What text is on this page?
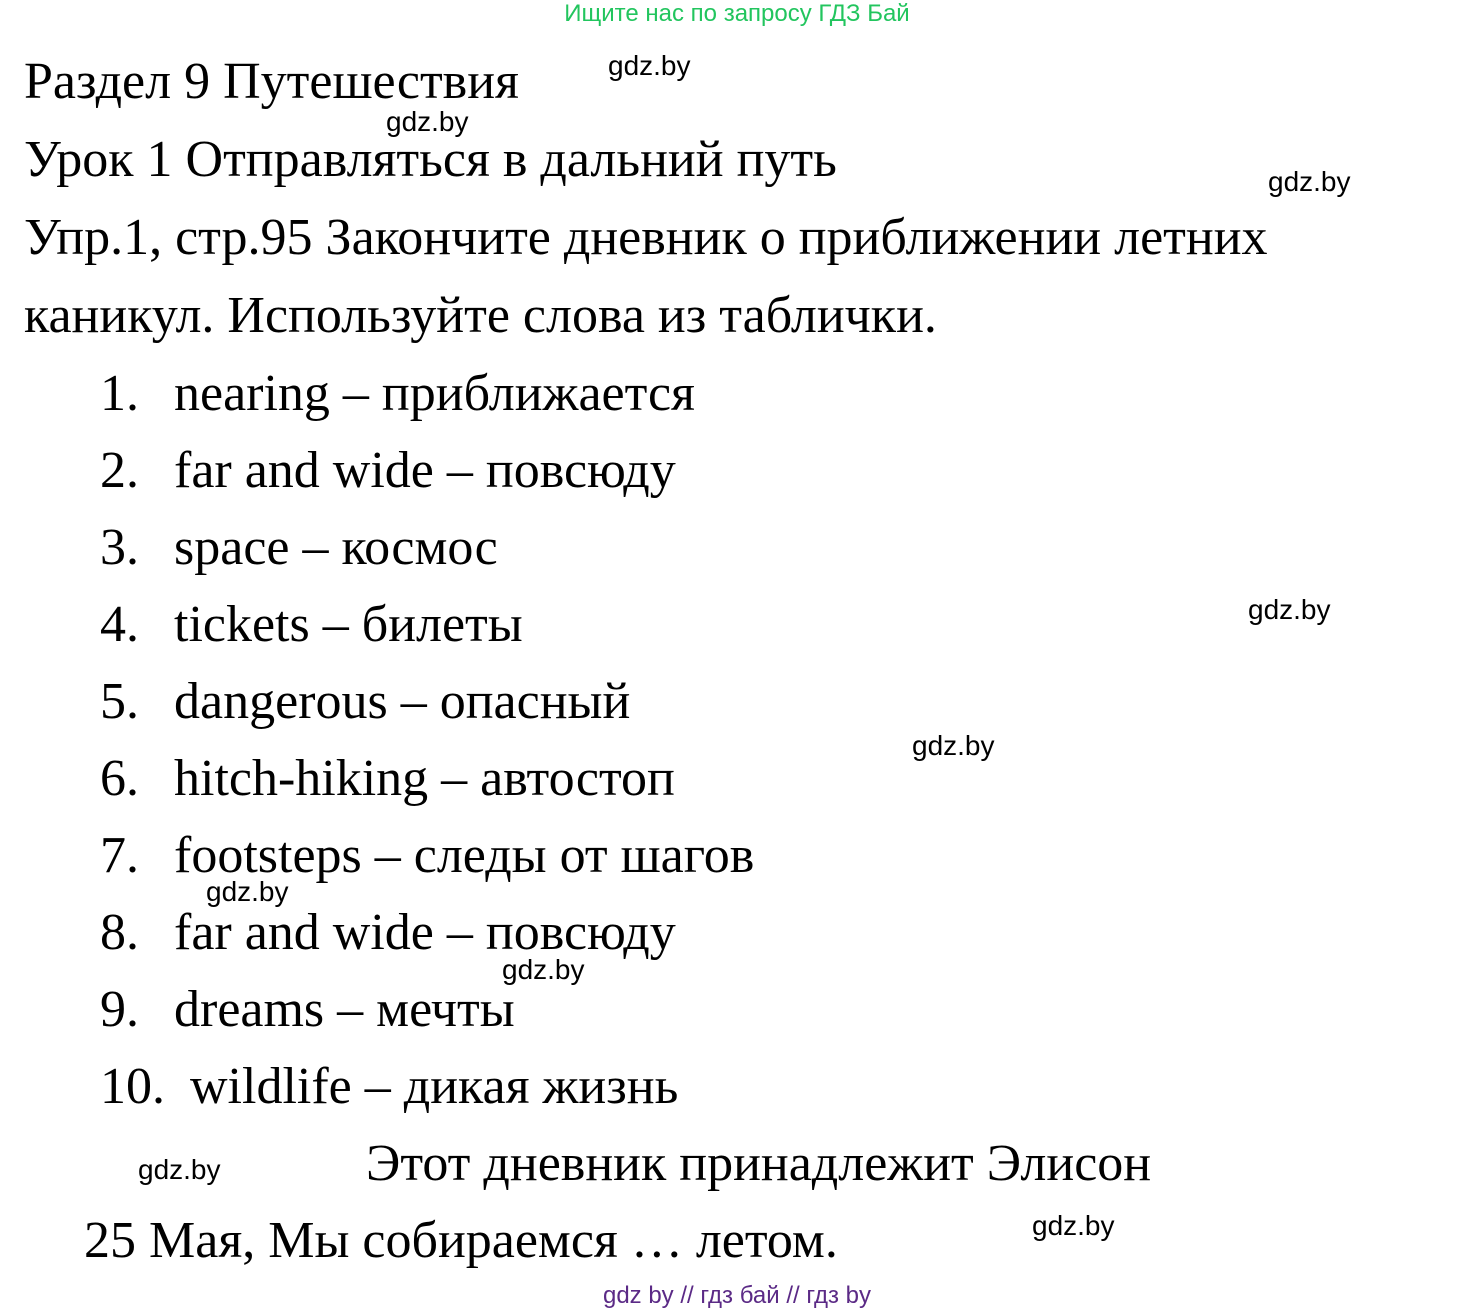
Ищите нас по запросу ГДЗ Бай
Раздел 9 Путешествия
Урок 1 Отправляться в дальний путь
Упр.1, стр.95 Закончите дневник о приближении летних
каникул. Используйте слова из таблички.
1. nearing – приближается
2. far and wide – повсюду
3. space – космос
4. tickets – билеты
5. dangerous – опасный
6. hitch-hiking – автостоп
7. footsteps – следы от шагов
8. far and wide – повсюду
9. dreams – мечты
10. wildlife – дикая жизнь
Этот дневник принадлежит Элисон
25 Мая, Мы собираемся … летом.
gdz.by
gdz.by
gdz.by
gdz.by
gdz.by
gdz.by
gdz.by
gdz.by
gdz.by
gdz by // гдз бай // гдз by
